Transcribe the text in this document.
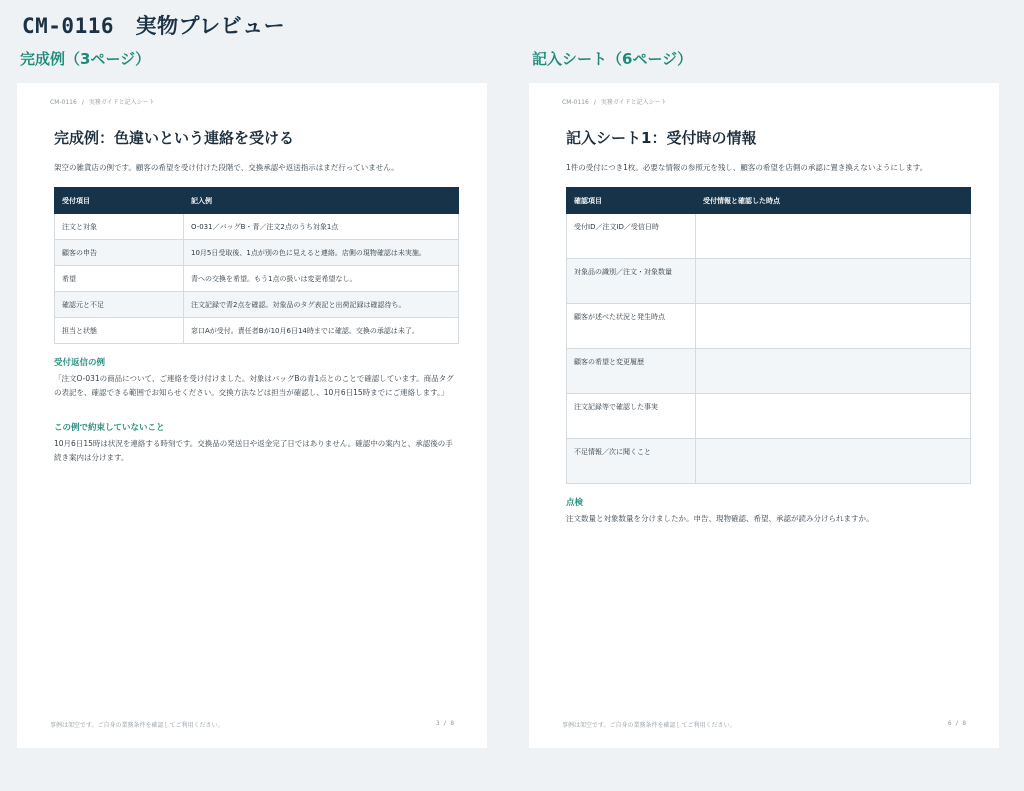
CM-0116　実物プレビュー
完成例（3ページ）	記入シート（6ページ）
CM-0116 / 実務ガイドと記入シート
完成例：色違いという連絡を受ける
架空の雑貨店の例です。顧客の希望を受け付けた段階で、交換承認や返送指示はまだ行っていません。
受付項目	記入例
注文と対象	O-031／バッグB・青／注文2点のうち対象1点
顧客の申告	10月5日受取後、1点が別の色に見えると連絡。店側の現物確認は未実施。
希望	青への交換を希望。もう1点の扱いは変更希望なし。
確認元と不足	注文記録で青2点を確認。対象品のタグ表記と出荷記録は確認待ち。
担当と状態	窓口Aが受付。責任者Bが10月6日14時までに確認。交換の承認は未了。
受付返信の例
「注文O-031の商品について、ご連絡を受け付けました。対象はバッグBの青1点とのことで確認しています。商品タグの表記を、確認できる範囲でお知らせください。交換方法などは担当が確認し、10月6日15時までにご連絡します。」
この例で約束していないこと
10月6日15時は状況を連絡する時刻です。交換品の発送日や返金完了日ではありません。確認中の案内と、承認後の手続き案内は分けます。
事例は架空です。ご自身の業務条件を確認してご利用ください。	3 / 8
CM-0116 / 実務ガイドと記入シート
記入シート1：受付時の情報
1件の受付につき1枚。必要な情報の参照元を残し、顧客の希望を店側の承認に置き換えないようにします。
確認項目	受付情報と確認した時点
受付ID／注文ID／受信日時	
対象品の識別／注文・対象数量	
顧客が述べた状況と発生時点	
顧客の希望と変更履歴	
注文記録等で確認した事実	
不足情報／次に聞くこと	
点検
注文数量と対象数量を分けましたか。申告、現物確認、希望、承認が読み分けられますか。
事例は架空です。ご自身の業務条件を確認してご利用ください。	6 / 8
